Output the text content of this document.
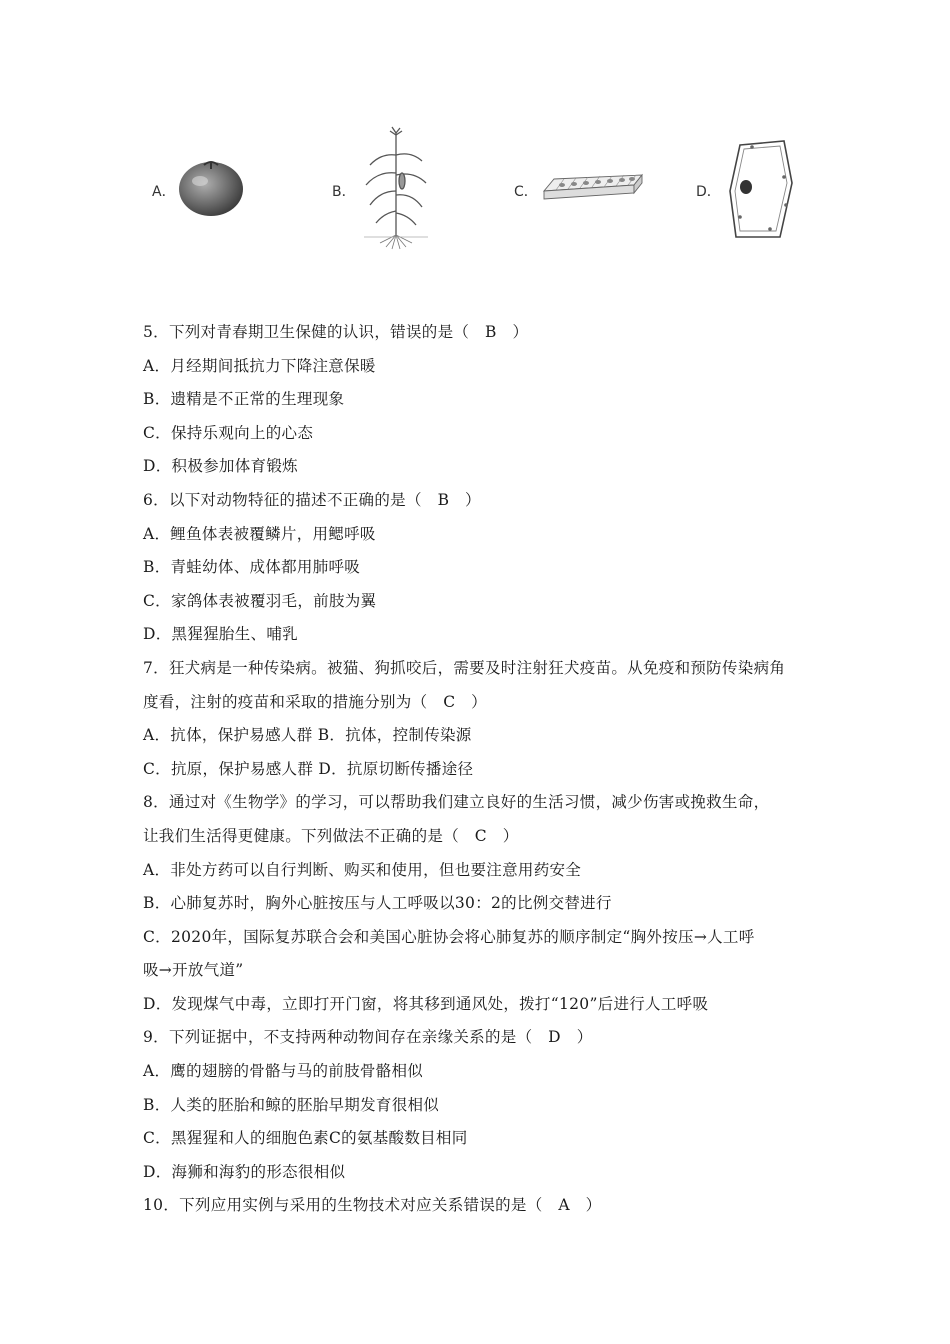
A．	B．	C．	D．
5．下列对青春期卫生保健的认识，错误的是（　B　）
A．月经期间抵抗力下降注意保暖
B．遗精是不正常的生理现象
C．保持乐观向上的心态
D．积极参加体育锻炼
6．以下对动物特征的描述不正确的是（　B　）
A．鲤鱼体表被覆鳞片，用鳃呼吸
B．青蛙幼体、成体都用肺呼吸
C．家鸽体表被覆羽毛，前肢为翼
D．黑猩猩胎生、哺乳
7．狂犬病是一种传染病。被猫、狗抓咬后，需要及时注射狂犬疫苗。从免疫和预防传染病角
度看，注射的疫苗和采取的措施分别为（　C　）
A．抗体，保护易感人群 B．抗体，控制传染源
C．抗原，保护易感人群 D．抗原切断传播途径
8．通过对《生物学》的学习，可以帮助我们建立良好的生活习惯，减少伤害或挽救生命，
让我们生活得更健康。下列做法不正确的是（　C　）
A．非处方药可以自行判断、购买和使用，但也要注意用药安全
B．心肺复苏时，胸外心脏按压与人工呼吸以30：2的比例交替进行
C．2020年，国际复苏联合会和美国心脏协会将心肺复苏的顺序制定“胸外按压→人工呼
吸→开放气道”
D．发现煤气中毒，立即打开门窗，将其移到通风处，拨打“120”后进行人工呼吸
9．下列证据中，不支持两种动物间存在亲缘关系的是（　D　）
A．鹰的翅膀的骨骼与马的前肢骨骼相似
B．人类的胚胎和鲸的胚胎早期发育很相似
C．黑猩猩和人的细胞色素C的氨基酸数目相同
D．海狮和海豹的形态很相似
10．下列应用实例与采用的生物技术对应关系错误的是（　A　）
